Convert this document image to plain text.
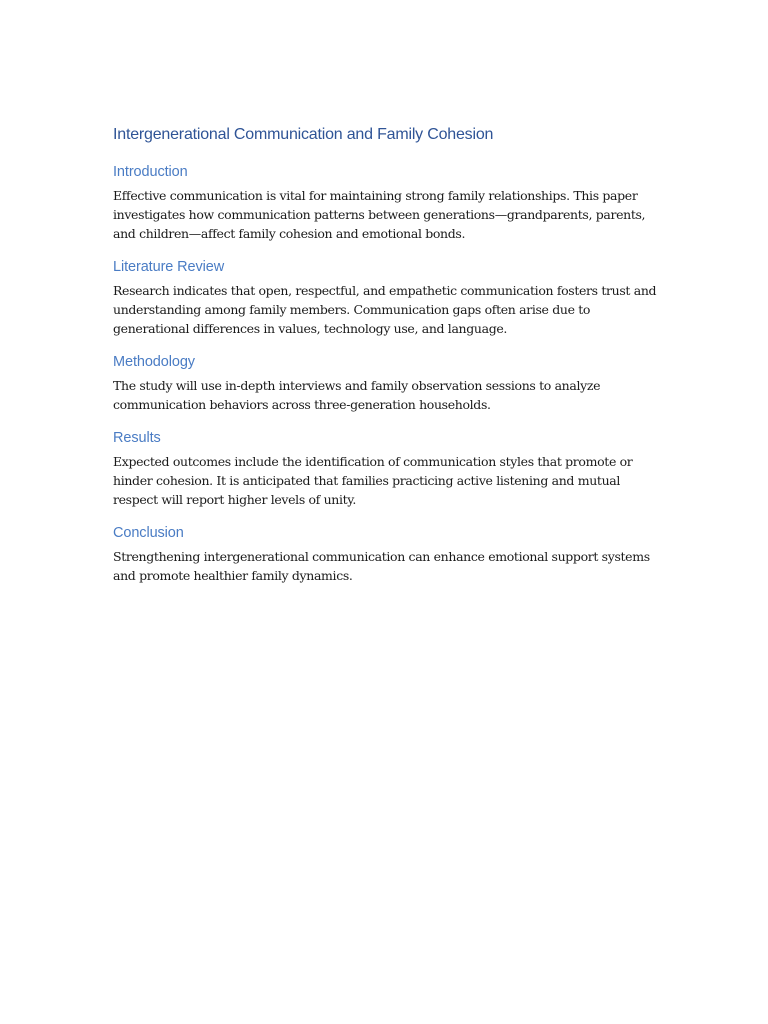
Intergenerational Communication and Family Cohesion
Introduction

Effective communication is vital for maintaining strong family relationships. This paper investigates how communication patterns between generations—grandparents, parents, and children—affect family cohesion and emotional bonds.

Literature Review

Research indicates that open, respectful, and empathetic communication fosters trust and understanding among family members. Communication gaps often arise due to generational differences in values, technology use, and language.

Methodology

The study will use in-depth interviews and family observation sessions to analyze communication behaviors across three-generation households.

Results

Expected outcomes include the identification of communication styles that promote or hinder cohesion. It is anticipated that families practicing active listening and mutual respect will report higher levels of unity.

Conclusion

Strengthening intergenerational communication can enhance emotional support systems and promote healthier family dynamics.
